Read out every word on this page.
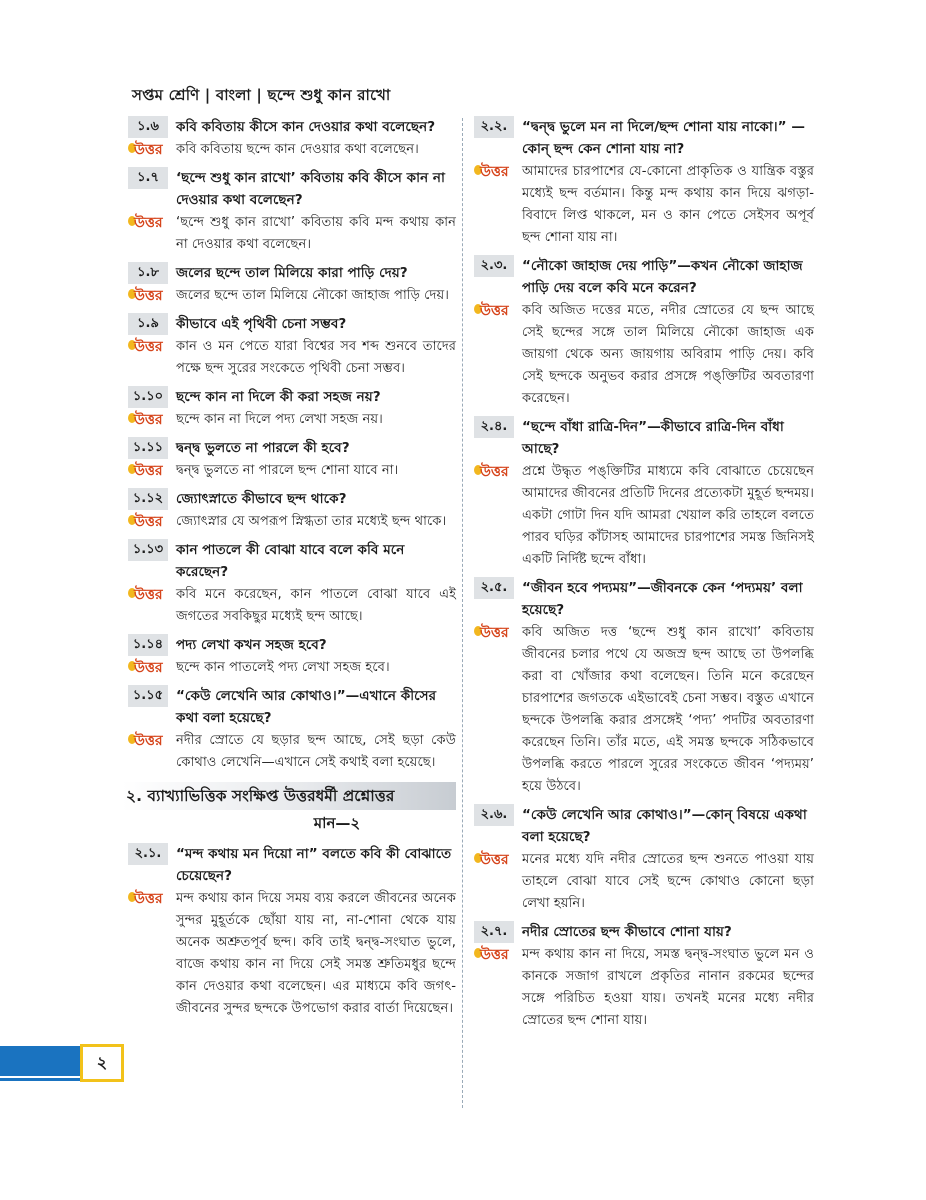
সপ্তম শ্রেণি | বাংলা | ছন্দে শুধু কান রাখো
১.৬	কবি কবিতায় কীসে কান দেওয়ার কথা বলেছেন?
উত্তর কবি কবিতায় ছন্দে কান দেওয়ার কথা বলেছেন।
১.৭	‘ছন্দে শুধু কান রাখো’ কবিতায় কবি কীসে কান না দেওয়ার কথা বলেছেন?
উত্তর ‘ছন্দে শুধু কান রাখো’ কবিতায় কবি মন্দ কথায় কান না দেওয়ার কথা বলেছেন।
১.৮	জলের ছন্দে তাল মিলিয়ে কারা পাড়ি দেয়?
উত্তর জলের ছন্দে তাল মিলিয়ে নৌকো জাহাজ পাড়ি দেয়।
১.৯	কীভাবে এই পৃথিবী চেনা সম্ভব?
উত্তর কান ও মন পেতে যারা বিশ্বের সব শব্দ শুনবে তাদের পক্ষে ছন্দ সুরের সংকেতে পৃথিবী চেনা সম্ভব।
১.১০ ছন্দে কান না দিলে কী করা সহজ নয়?
উত্তর ছন্দে কান না দিলে পদ্য লেখা সহজ নয়।
১.১১ দ্বন্দ্ব ভুলতে না পারলে কী হবে?
উত্তর দ্বন্দ্ব ভুলতে না পারলে ছন্দ শোনা যাবে না।
১.১২ জ্যোৎস্নাতে কীভাবে ছন্দ থাকে?
উত্তর জ্যোৎস্নার যে অপরূপ স্নিগ্ধতা তার মধ্যেই ছন্দ থাকে।
১.১৩ কান পাতলে কী বোঝা যাবে বলে কবি মনে করেছেন?
উত্তর কবি মনে করেছেন, কান পাতলে বোঝা যাবে এই জগতের সবকিছুর মধ্যেই ছন্দ আছে।
১.১৪ পদ্য লেখা কখন সহজ হবে?
উত্তর ছন্দে কান পাতলেই পদ্য লেখা সহজ হবে।
১.১৫ “কেউ লেখেনি আর কোথাও।”—এখানে কীসের কথা বলা হয়েছে?
উত্তর নদীর স্রোতে যে ছড়ার ছন্দ আছে, সেই ছড়া কেউ কোথাও লেখেনি—এখানে সেই কথাই বলা হয়েছে।
২. ব্যাখ্যাভিত্তিক সংক্ষিপ্ত উত্তরধর্মী প্রশ্নোত্তর
মান—২
২.১.	“মন্দ কথায় মন দিয়ো না” বলতে কবি কী বোঝাতে চেয়েছেন?
উত্তর মন্দ কথায় কান দিয়ে সময় ব্যয় করলে জীবনের অনেক সুন্দর মুহূর্তকে ছোঁয়া যায় না, না-শোনা থেকে যায় অনেক অশ্রুতপূর্ব ছন্দ। কবি তাই দ্বন্দ্ব-সংঘাত ভুলে, বাজে কথায় কান না দিয়ে সেই সমস্ত শ্রুতিমধুর ছন্দে কান দেওয়ার কথা বলেছেন। এর মাধ্যমে কবি জগৎ-জীবনের সুন্দর ছন্দকে উপভোগ করার বার্তা দিয়েছেন।
২.২.	“দ্বন্দ্ব ভুলে মন না দিলে/ছন্দ শোনা যায় নাকো।” —কোন্ ছন্দ কেন শোনা যায় না?
উত্তর আমাদের চারপাশের যে-কোনো প্রাকৃতিক ও যান্ত্রিক বস্তুর মধ্যেই ছন্দ বর্তমান। কিন্তু মন্দ কথায় কান দিয়ে ঝগড়া-বিবাদে লিপ্ত থাকলে, মন ও কান পেতে সেইসব অপূর্ব ছন্দ শোনা যায় না।
২.৩.	“নৌকো জাহাজ দেয় পাড়ি”—কখন নৌকো জাহাজ পাড়ি দেয় বলে কবি মনে করেন?
উত্তর কবি অজিত দত্তের মতে, নদীর স্রোতের যে ছন্দ আছে সেই ছন্দের সঙ্গে তাল মিলিয়ে নৌকো জাহাজ এক জায়গা থেকে অন্য জায়গায় অবিরাম পাড়ি দেয়। কবি সেই ছন্দকে অনুভব করার প্রসঙ্গে পঙ্‌ক্তিটির অবতারণা করেছেন।
২.৪.	“ছন্দে বাঁধা রাত্রি-দিন”—কীভাবে রাত্রি-দিন বাঁধা আছে?
উত্তর প্রশ্নে উদ্ধৃত পঙ্‌ক্তিটির মাধ্যমে কবি বোঝাতে চেয়েছেন আমাদের জীবনের প্রতিটি দিনের প্রত্যেকটা মুহূর্ত ছন্দময়। একটা গোটা দিন যদি আমরা খেয়াল করি তাহলে বলতে পারব ঘড়ির কাঁটাসহ আমাদের চারপাশের সমস্ত জিনিসই একটি নির্দিষ্ট ছন্দে বাঁধা।
২.৫.	“জীবন হবে পদ্যময়”—জীবনকে কেন ‘পদ্যময়’ বলা হয়েছে?
উত্তর কবি অজিত দত্ত ‘ছন্দে শুধু কান রাখো’ কবিতায় জীবনের চলার পথে যে অজস্র ছন্দ আছে তা উপলব্ধি করা বা খোঁজার কথা বলেছেন। তিনি মনে করেছেন চারপাশের জগতকে এইভাবেই চেনা সম্ভব। বস্তুত এখানে ছন্দকে উপলব্ধি করার প্রসঙ্গেই ‘পদ্য’ পদটির অবতারণা করেছেন তিনি। তাঁর মতে, এই সমস্ত ছন্দকে সঠিকভাবে উপলব্ধি করতে পারলে সুরের সংকেতে জীবন ‘পদ্যময়’ হয়ে উঠবে।
২.৬.	“কেউ লেখেনি আর কোথাও।”—কোন্ বিষয়ে একথা বলা হয়েছে?
উত্তর মনের মধ্যে যদি নদীর স্রোতের ছন্দ শুনতে পাওয়া যায় তাহলে বোঝা যাবে সেই ছন্দে কোথাও কোনো ছড়া লেখা হয়নি।
২.৭.	নদীর স্রোতের ছন্দ কীভাবে শোনা যায়?
উত্তর মন্দ কথায় কান না দিয়ে, সমস্ত দ্বন্দ্ব-সংঘাত ভুলে মন ও কানকে সজাগ রাখলে প্রকৃতির নানান রকমের ছন্দের সঙ্গে পরিচিত হওয়া যায়। তখনই মনের মধ্যে নদীর স্রোতের ছন্দ শোনা যায়।
২
